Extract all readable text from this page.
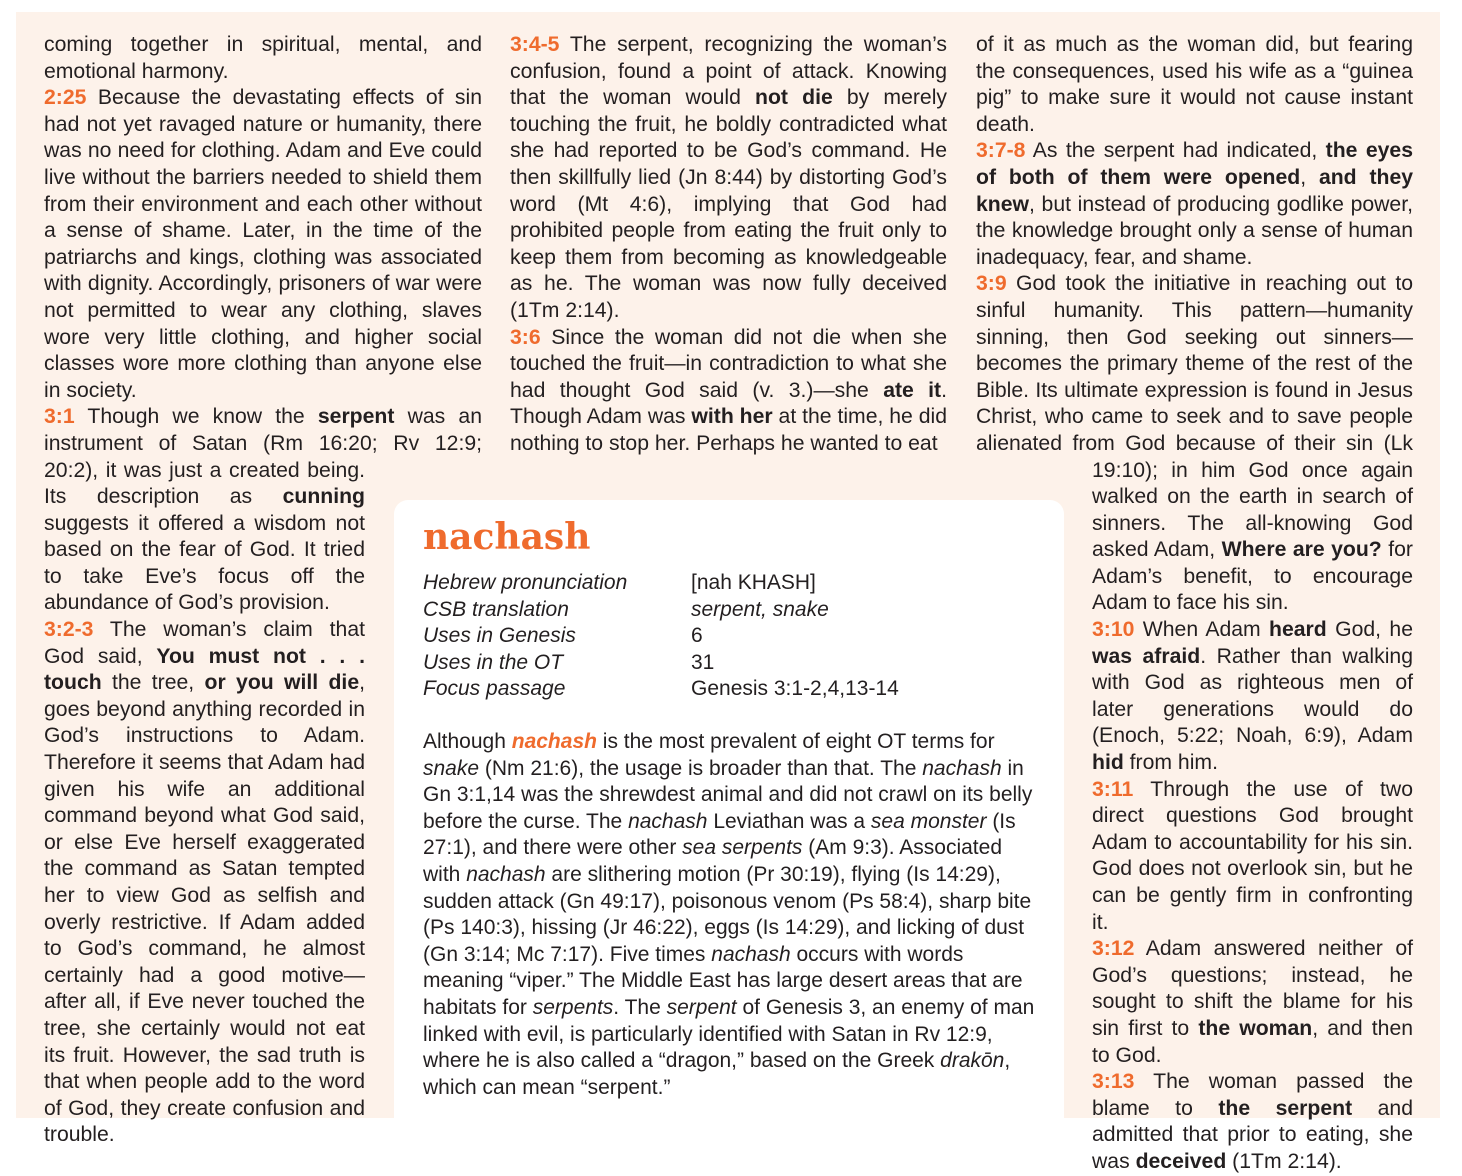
coming together in spiritual, mental, and emotional harmony.

2:25 Because the devastating effects of sin had not yet ravaged nature or humanity, there was no need for clothing. Adam and Eve could live without the barriers needed to shield them from their environment and each other without a sense of shame. Later, in the time of the patriarchs and kings, clothing was associated with dignity. Accordingly, prisoners of war were not permitted to wear any clothing, slaves wore very little clothing, and higher social classes wore more clothing than anyone else in society.

3:1 Though we know the serpent was an instrument of Satan (Rm 16:20; Rv 12:9; 20:2), it was just a created being. Its description as cunning suggests it offered a wisdom not based on the fear of God. It tried to take Eve’s focus off the abundance of God’s provision.

3:2-3 The woman’s claim that God said, You must not . . . touch the tree, or you will die, goes beyond anything recorded in God’s instructions to Adam. Therefore it seems that Adam had given his wife an additional command beyond what God said, or else Eve herself exaggerated the command as Satan tempted her to view God as selfish and overly restrictive. If Adam added to God’s command, he almost certainly had a good motive—after all, if Eve never touched the tree, she certainly would not eat its fruit. However, the sad truth is that when people add to the word of God, they create confusion and trouble.

3:4-5 The serpent, recognizing the woman’s confusion, found a point of attack. Knowing that the woman would not die by merely touching the fruit, he boldly contradicted what she had reported to be God’s command. He then skillfully lied (Jn 8:44) by distorting God’s word (Mt 4:6), implying that God had prohibited people from eating the fruit only to keep them from becoming as knowledgeable as he. The woman was now fully deceived (1Tm 2:14).

3:6 Since the woman did not die when she touched the fruit—in contradiction to what she had thought God said (v. 3.)—she ate it. Though Adam was with her at the time, he did nothing to stop her. Perhaps he wanted to eat

of it as much as the woman did, but fearing the consequences, used his wife as a “guinea pig” to make sure it would not cause instant death.

3:7-8 As the serpent had indicated, the eyes of both of them were opened, and they knew, but instead of producing godlike power, the knowledge brought only a sense of human inadequacy, fear, and shame.

3:9 God took the initiative in reaching out to sinful humanity. This pattern—humanity sinning, then God seeking out sinners—becomes the primary theme of the rest of the Bible. Its ultimate expression is found in Jesus Christ, who came to seek and to save people alienated from God because of their sin (Lk 19:10); in him God once again walked on the earth in search of sinners. The all-knowing God asked Adam, Where are you? for Adam’s benefit, to encourage Adam to face his sin.

3:10 When Adam heard God, he was afraid. Rather than walking with God as righteous men of later generations would do (Enoch, 5:22; Noah, 6:9), Adam hid from him.

3:11 Through the use of two direct questions God brought Adam to accountability for his sin. God does not overlook sin, but he can be gently firm in confronting it.

3:12 Adam answered neither of God’s questions; instead, he sought to shift the blame for his sin first to the woman, and then to God.

3:13 The woman passed the blame to the serpent and admitted that prior to eating, she was deceived (1Tm 2:14).

nachash
Hebrew pronunciation	[nah KHASH]
CSB translation	serpent, snake
Uses in Genesis	6
Uses in the OT	31
Focus passage	Genesis 3:1-2,4,13-14

Although nachash is the most prevalent of eight OT terms for snake (Nm 21:6), the usage is broader than that. The nachash in Gn 3:1,14 was the shrewdest animal and did not crawl on its belly before the curse. The nachash Leviathan was a sea monster (Is 27:1), and there were other sea serpents (Am 9:3). Associated with nachash are slithering motion (Pr 30:19), flying (Is 14:29), sudden attack (Gn 49:17), poisonous venom (Ps 58:4), sharp bite (Ps 140:3), hissing (Jr 46:22), eggs (Is 14:29), and licking of dust (Gn 3:14; Mc 7:17). Five times nachash occurs with words meaning “viper.” The Middle East has large desert areas that are habitats for serpents. The serpent of Genesis 3, an enemy of man linked with evil, is particularly identified with Satan in Rv 12:9, where he is also called a “dragon,” based on the Greek drakōn, which can mean “serpent.”
